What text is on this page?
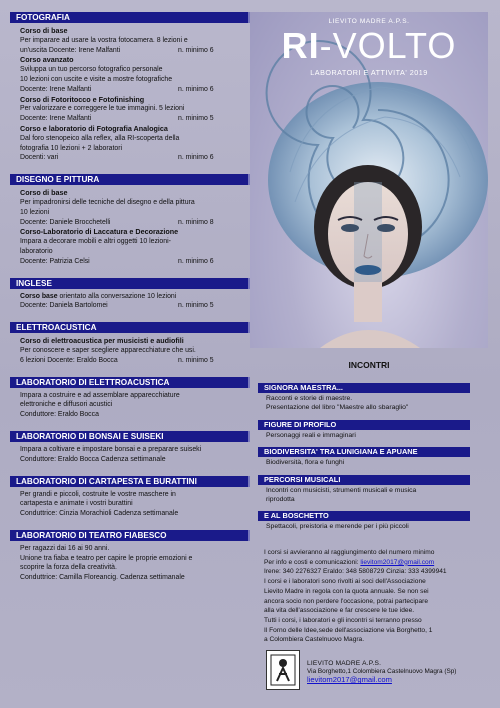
FOTOGRAFIA
Corso di base
Per imparare ad usare la vostra fotocamera. 8 lezioni e
un'uscita Docente: Irene Malfanti	n. minimo 6
Corso avanzato
Sviluppa un tuo percorso fotografico personale
10 lezioni con uscite e visite a mostre fotografiche
Docente: Irene Malfanti	n. minimo 6
Corso di Fotoritocco e Fotofinishing
Per valorizzare e correggere le tue immagini. 5 lezioni
Docente: Irene Malfanti	n. minimo 5
Corso e laboratorio di Fotografia Analogica
Dal foro stenopeico alla reflex, alla RI-scoperta della
fotografia 10 lezioni + 2 laboratori
Docenti: vari	n. minimo 6
DISEGNO E PITTURA
Corso di base
Per impadronirsi delle tecniche del disegno e della pittura
10 lezioni
Docente: Daniele Brocchetelli	n. minimo 8
Corso-Laboratorio di Laccatura e Decorazione
Impara a decorare mobili e altri oggetti 10 lezioni-
laboratorio
Docente: Patrizia Celsi	n. minimo 6
INGLESE
Corso base orientato alla conversazione 10 lezioni
Docente: Daniela Bartolomei	n. minimo 5
ELETTROACUSTICA
Corso di elettroacustica per musicisti e audiofili
Per conoscere e saper scegliere apparecchiature che usi.
6 lezioni Docente: Eraldo Bocca	n. minimo 5
LABORATORIO DI ELETTROACUSTICA
Impara a costruire e ad assemblare apparecchiature
elettroniche e diffusori acustici
Conduttore: Eraldo Bocca
LABORATORIO DI BONSAI E SUISEKI
Impara a coltivare e impostare bonsai e a preparare suiseki
Conduttore: Eraldo Bocca Cadenza settimanale
LABORATORIO DI CARTAPESTA E BURATTINI
Per grandi e piccoli, costruite le vostre maschere in
cartapesta e animate i vostri burattini
Conduttrice: Cinzia Morachioli Cadenza settimanale
LABORATORIO DI TEATRO FIABESCO
Per ragazzi dai 16 ai 90 anni.
Unione tra fiaba e teatro per capire le proprie emozioni e
scoprire la forza della creatività.
Conduttrice: Camilla Floreancig. Cadenza settimanale
LIEVITO MADRE A.P.S.
RI-VOLTO
LABORATORI E ATTIVITA' 2019
INCONTRI
SIGNORA MAESTRA...
Racconti e storie di maestre.
Presentazione del libro "Maestre allo sbaraglio"
FIGURE DI PROFILO
Personaggi reali e immaginari
BIODIVERSITA' TRA LUNIGIANA E APUANE
Biodiversità, flora e funghi
PERCORSI MUSICALI
Incontri con musicisti, strumenti musicali e musica
riprodotta
E AL BOSCHETTO
Spettacoli, preistoria e merende per i più piccoli
I corsi si avvieranno al raggiungimento del numero minimo
Per info e costi e comunicazioni: lievitom2017@gmail.com
Irene: 340 2276327 Eraldo: 348 5808729 Cinzia: 333 4399941
I corsi e i laboratori sono rivolti ai soci dell'Associazione
Lievito Madre in regola con la quota annuale. Se non sei
ancora socio non perdere l'occasione, potrai partecipare
alla vita dell'associazione e far crescere le tue idee.
Tutti i corsi, i laboratori e gli incontri si terranno presso
Il Forno delle Idee,sede dell'associazione via Borghetto, 1
a Colombiera Castelnuovo Magra.
LIEVITO MADRE A.P.S.
Via Borghetto,1 Colombiera Castelnuovo Magra (Sp)
lievitom2017@gmail.com
